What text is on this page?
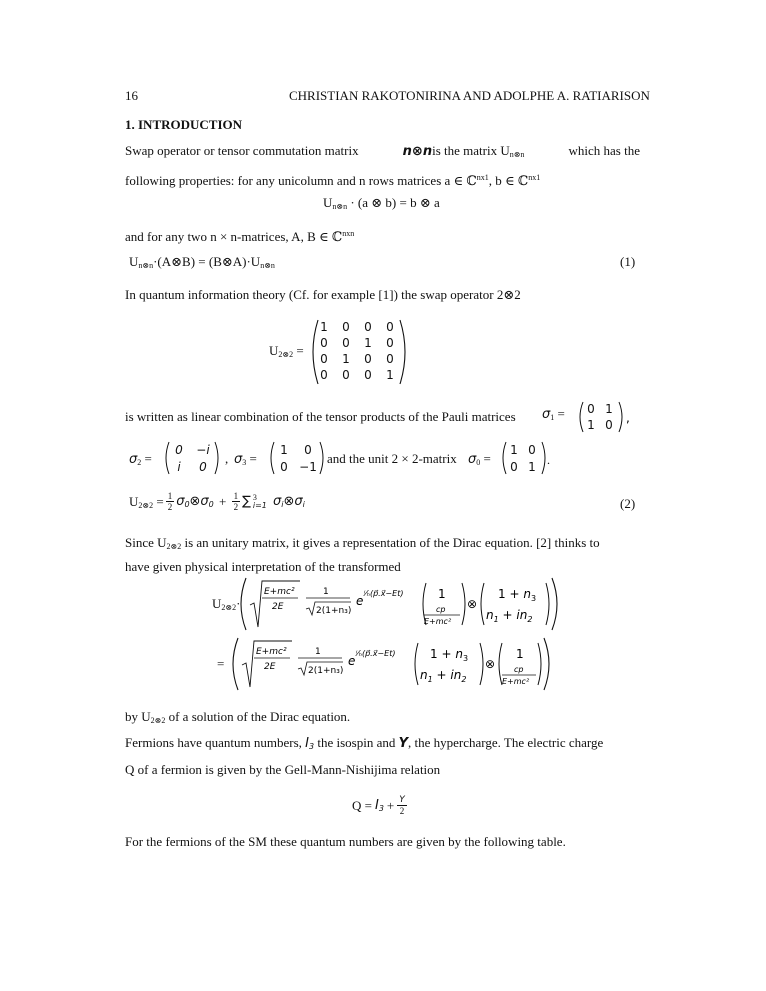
16	CHRISTIAN RAKOTONIRINA AND ADOLPHE A. RATIARISON
1. INTRODUCTION
Swap operator or tensor commutation matrix	n⊗nis the matrix $U_{n\otimes n}$	which has the
following properties: for any unicolumn and n rows matrices a ∈ ℂ$^{nx1}$, b ∈ ℂ$^{nx1}$
$U_{n\otimes n} \cdot (a$ ⊗ b) = b ⊗ a
and for any two n × n-matrices, A, B ∈ ℂ$^{nxn}$
$U_{n\otimes n}\cdot(A\otimes B)$ = $(B\otimes A)\cdot U_{n\otimes n}$	(1)
In quantum information theory (Cf. for example [1]) the swap operator 2⊗2
$U_{2\otimes 2}$ =
1 0 0 0
0 0 1 0
0 1 0 0
0 0 0 1
is written as linear combination of the tensor products of the Pauli matrices $\sigma_1 = 0$ 1
1 0 ,
$\sigma_2$ =
0 −i
i 0
, $\sigma_3$ =
1 0
0 −1
and the unit 2 × 2-matrix $\sigma_0$ =
1 0
0 1 .
$U_{2\otimes 2} = \frac{1}{2}$ $\sigma_0\otimes\sigma_0 + \frac{1}{2}$ ∑ 3
i=1 $\sigma_i\otimes\sigma_i$	(2)
Since $U_{2\otimes 2}$ is an unitary matrix, it gives a representation of the Dirac equation. [2] thinks to
have given physical interpretation of the transformed
$U_{2\otimes 2}\cdot$
E+mc²
2E
1
2(1+n₃)
e
ⁱ⁄ₕ(p⃗.x⃗−Et)	1
cp
E+mc²
⊗
$1 + n_3$
$n_1 + in_2$
=
E+mc²
2E
1
2(1+n₃)
e
ⁱ⁄ₕ(p⃗.x⃗−Et)	$1 + n_3$
$n_1 + in_2$
⊗
1
cp
E+mc²
by $U_{2\otimes 2}$ of a solution of the Dirac equation.
Fermions have quantum numbers, $I_3$ the isospin and Y, the hypercharge. The electric charge
Q of a fermion is given by the Gell-Mann-Nishijima relation
$Q = I_3 + \frac{Y}{2}$
For the fermions of the SM these quantum numbers are given by the following table.
